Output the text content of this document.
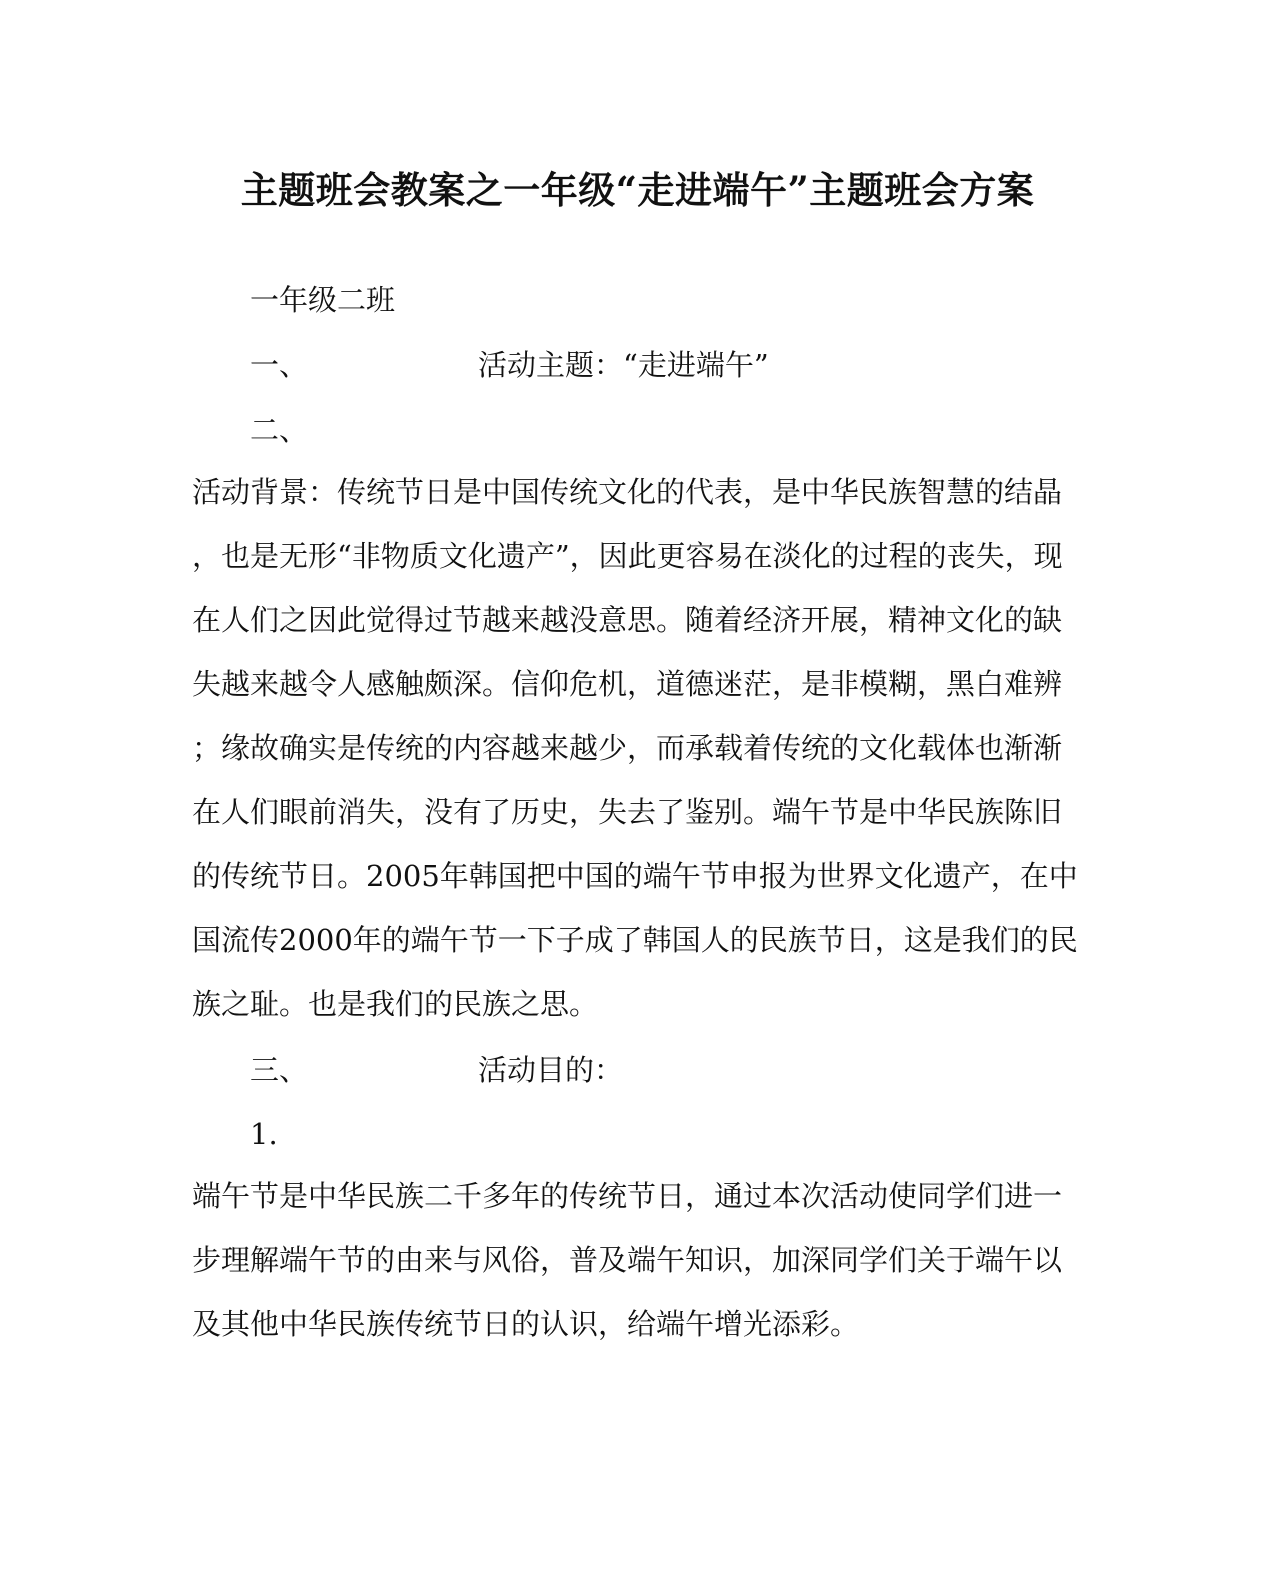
主题班会教案之一年级“走进端午”主题班会方案
一年级二班
一、	活动主题：“走进端午”
二、
活动背景：传统节日是中国传统文化的代表，是中华民族智慧的结晶
，也是无形“非物质文化遗产”，因此更容易在淡化的过程的丧失，现
在人们之因此觉得过节越来越没意思。随着经济开展，精神文化的缺
失越来越令人感触颇深。信仰危机，道德迷茫，是非模糊，黑白难辨
；缘故确实是传统的内容越来越少，而承载着传统的文化载体也渐渐
在人们眼前消失，没有了历史，失去了鉴别。端午节是中华民族陈旧
的传统节日。2005年韩国把中国的端午节申报为世界文化遗产，在中
国流传2000年的端午节一下子成了韩国人的民族节日，这是我们的民
族之耻。也是我们的民族之思。
三、	活动目的：
1.
端午节是中华民族二千多年的传统节日，通过本次活动使同学们进一
步理解端午节的由来与风俗，普及端午知识，加深同学们关于端午以
及其他中华民族传统节日的认识，给端午增光添彩。
